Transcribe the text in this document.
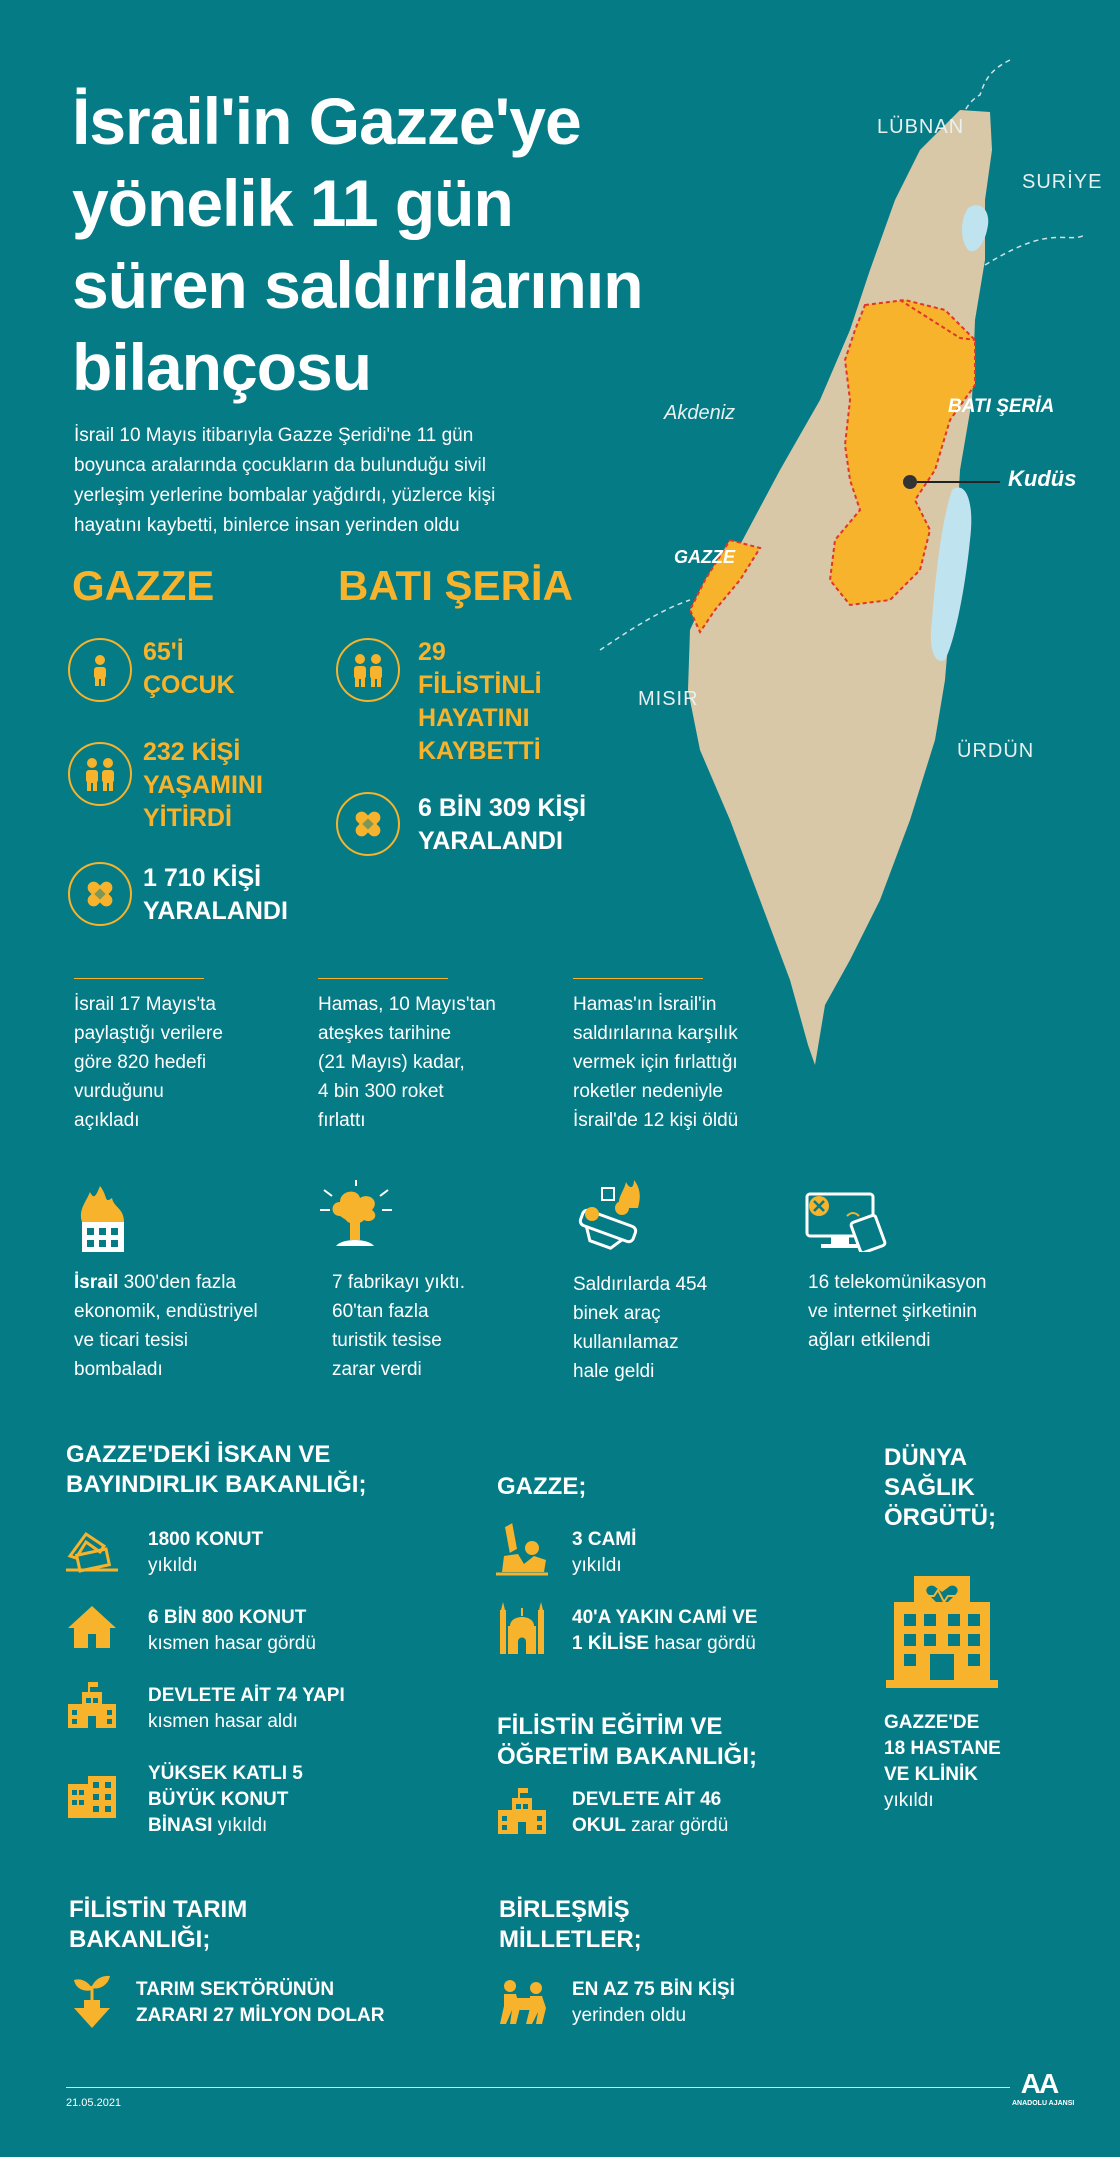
LÜBNAN
SURİYE
Akdeniz	BATI ŞERİA
Kudüs
GAZZE
MISIR
ÜRDÜN
İsrail'in Gazze'ye
yönelik 11 gün
süren saldırılarının
bilançosu
İsrail 10 Mayıs itibarıyla Gazze Şeridi'ne 11 gün
boyunca aralarında çocukların da bulunduğu sivil
yerleşim yerlerine bombalar yağdırdı, yüzlerce kişi
hayatını kaybetti, binlerce insan yerinden oldu
GAZZE
65'İ
ÇOCUK
232 KİŞİ
YAŞAMINI
YİTİRDİ
1 710 KİŞİ
YARALANDI
BATI ŞERİA
29
FİLİSTİNLİ
HAYATINI
KAYBETTİ
6 BİN 309 KİŞİ
YARALANDI
İsrail 17 Mayıs'ta
paylaştığı verilere
göre 820 hedefi
vurduğunu
açıkladı
Hamas, 10 Mayıs'tan
ateşkes tarihine
(21 Mayıs) kadar,
4 bin 300 roket
fırlattı
Hamas'ın İsrail'in
saldırılarına karşılık
vermek için fırlattığı
roketler nedeniyle
İsrail'de 12 kişi öldü
İsrail 300'den fazla
ekonomik, endüstriyel
ve ticari tesisi
bombaladı
7 fabrikayı yıktı.
60'tan fazla
turistik tesise
zarar verdi
Saldırılarda 454
binek araç
kullanılamaz
hale geldi
16 telekomünikasyon
ve internet şirketinin
ağları etkilendi
GAZZE'DEKİ İSKAN VE
BAYINDIRLIK BAKANLIĞI;
1800 KONUT
yıkıldı
6 BİN 800 KONUT
kısmen hasar gördü
DEVLETE AİT 74 YAPI
kısmen hasar aldı
YÜKSEK KATLI 5
BÜYÜK KONUT
BİNASI yıkıldı
GAZZE;
3 CAMİ
yıkıldı
40'A YAKIN CAMİ VE
1 KİLİSE hasar gördü
FİLİSTİN EĞİTİM VE
ÖĞRETİM BAKANLIĞI;
DEVLETE AİT 46
OKUL zarar gördü
DÜNYA
SAĞLIK
ÖRGÜTÜ;
GAZZE'DE
18 HASTANE
VE KLİNİK
yıkıldı
FİLİSTİN TARIM
BAKANLIĞI;
TARIM SEKTÖRÜNÜN
ZARARI 27 MİLYON DOLAR
BİRLEŞMİŞ
MİLLETLER;
EN AZ 75 BİN KİŞİ
yerinden oldu
21.05.2021
AA
ANADOLU AJANSI
